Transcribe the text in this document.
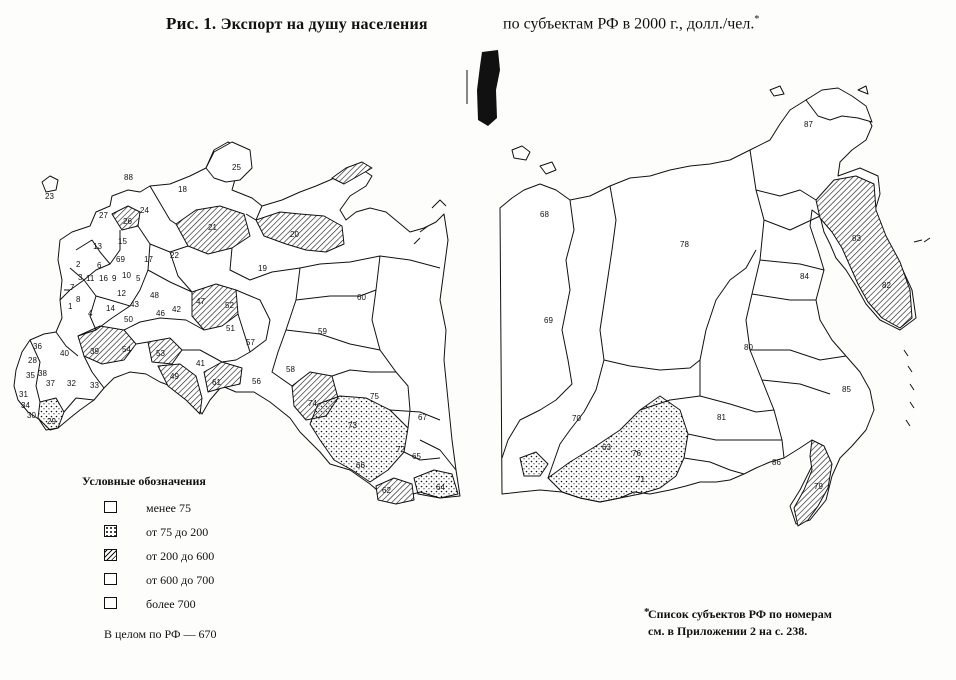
Рис. 1. Экспорт на душу населения	по субъектам РФ в 2000 г., долл./чел.*
23
88
25
18
27
26
24
21
20
13
15
2 6
69
3
17 22
19
11 16 9 10
7
8
12
5
48
47
1	14
4
43
42	52
50
46
60
51	59
36
40	39
28
54	53
57
35
41
38
37 32 33
31
49
58
61	56
34
30
29
74
75
73
67
72
65
66
62	64
87
68
78
83
82
69
84
80
85
70	81
63
76
71
86
79
Условные обозначения
менее 75
от 75 до 200
от 200 до 600
от 600 до 700
более 700
В целом по РФ — 670
*
Список субъектов РФ по номерам
см. в Приложении 2 на с. 238.
